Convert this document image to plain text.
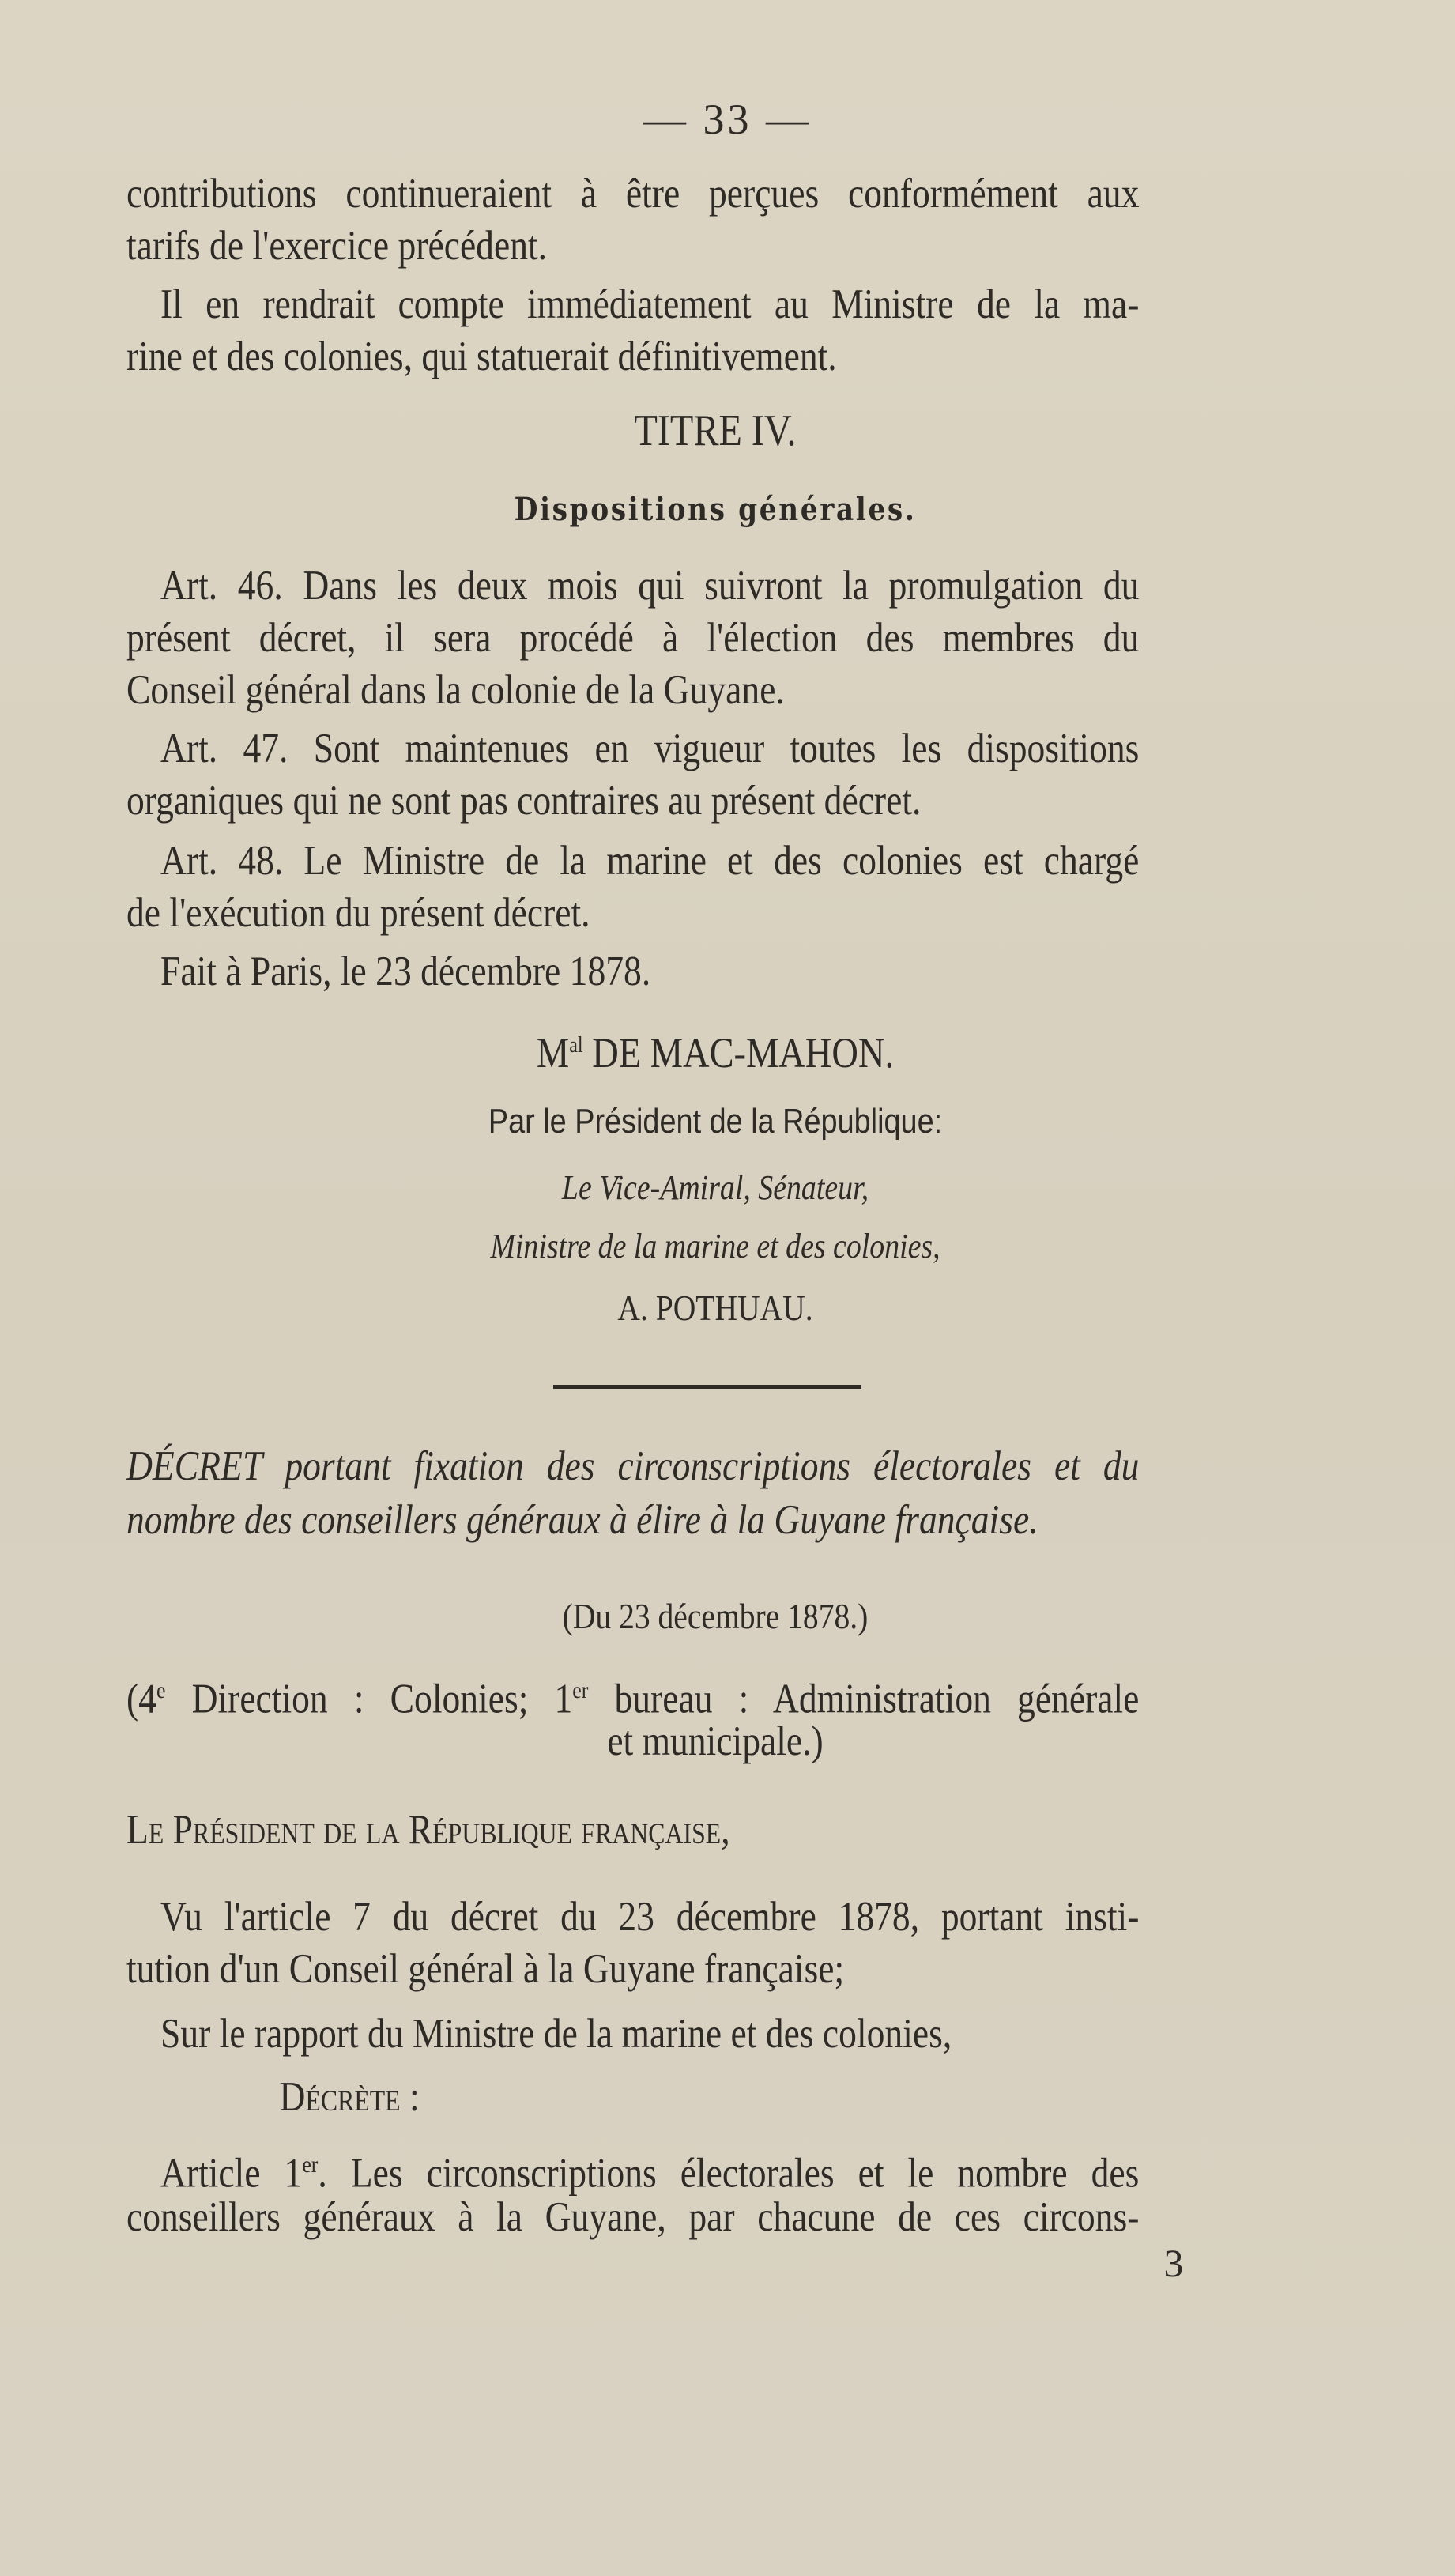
— 33 —
contributions continueraient à être perçues conformément aux
tarifs de l'exercice précédent.
Il en rendrait compte immédiatement au Ministre de la ma-
rine et des colonies, qui statuerait définitivement.
TITRE IV.
Dispositions générales.
Art. 46. Dans les deux mois qui suivront la promulgation du
présent décret, il sera procédé à l'élection des membres du
Conseil général dans la colonie de la Guyane.
Art. 47. Sont maintenues en vigueur toutes les dispositions
organiques qui ne sont pas contraires au présent décret.
Art. 48. Le Ministre de la marine et des colonies est chargé
de l'exécution du présent décret.
Fait à Paris, le 23 décembre 1878.
$M^{al}$ DE MAC-MAHON.
Par le Président de la République:
Le Vice-Amiral, Sénateur,
Ministre de la marine et des colonies,
A. POTHUAU.
DÉCRET portant fixation des circonscriptions électorales et du
nombre des conseillers généraux à élire à la Guyane française.
(Du 23 décembre 1878.)
(4e Direction : Colonies; 1er bureau : Administration générale
et municipale.)
Le Président de la République française,
Vu l'article 7 du décret du 23 décembre 1878, portant insti-
tution d'un Conseil général à la Guyane française;
Sur le rapport du Ministre de la marine et des colonies,
Décrète :
Article 1er. Les circonscriptions électorales et le nombre des
conseillers généraux à la Guyane, par chacune de ces circons-
3
